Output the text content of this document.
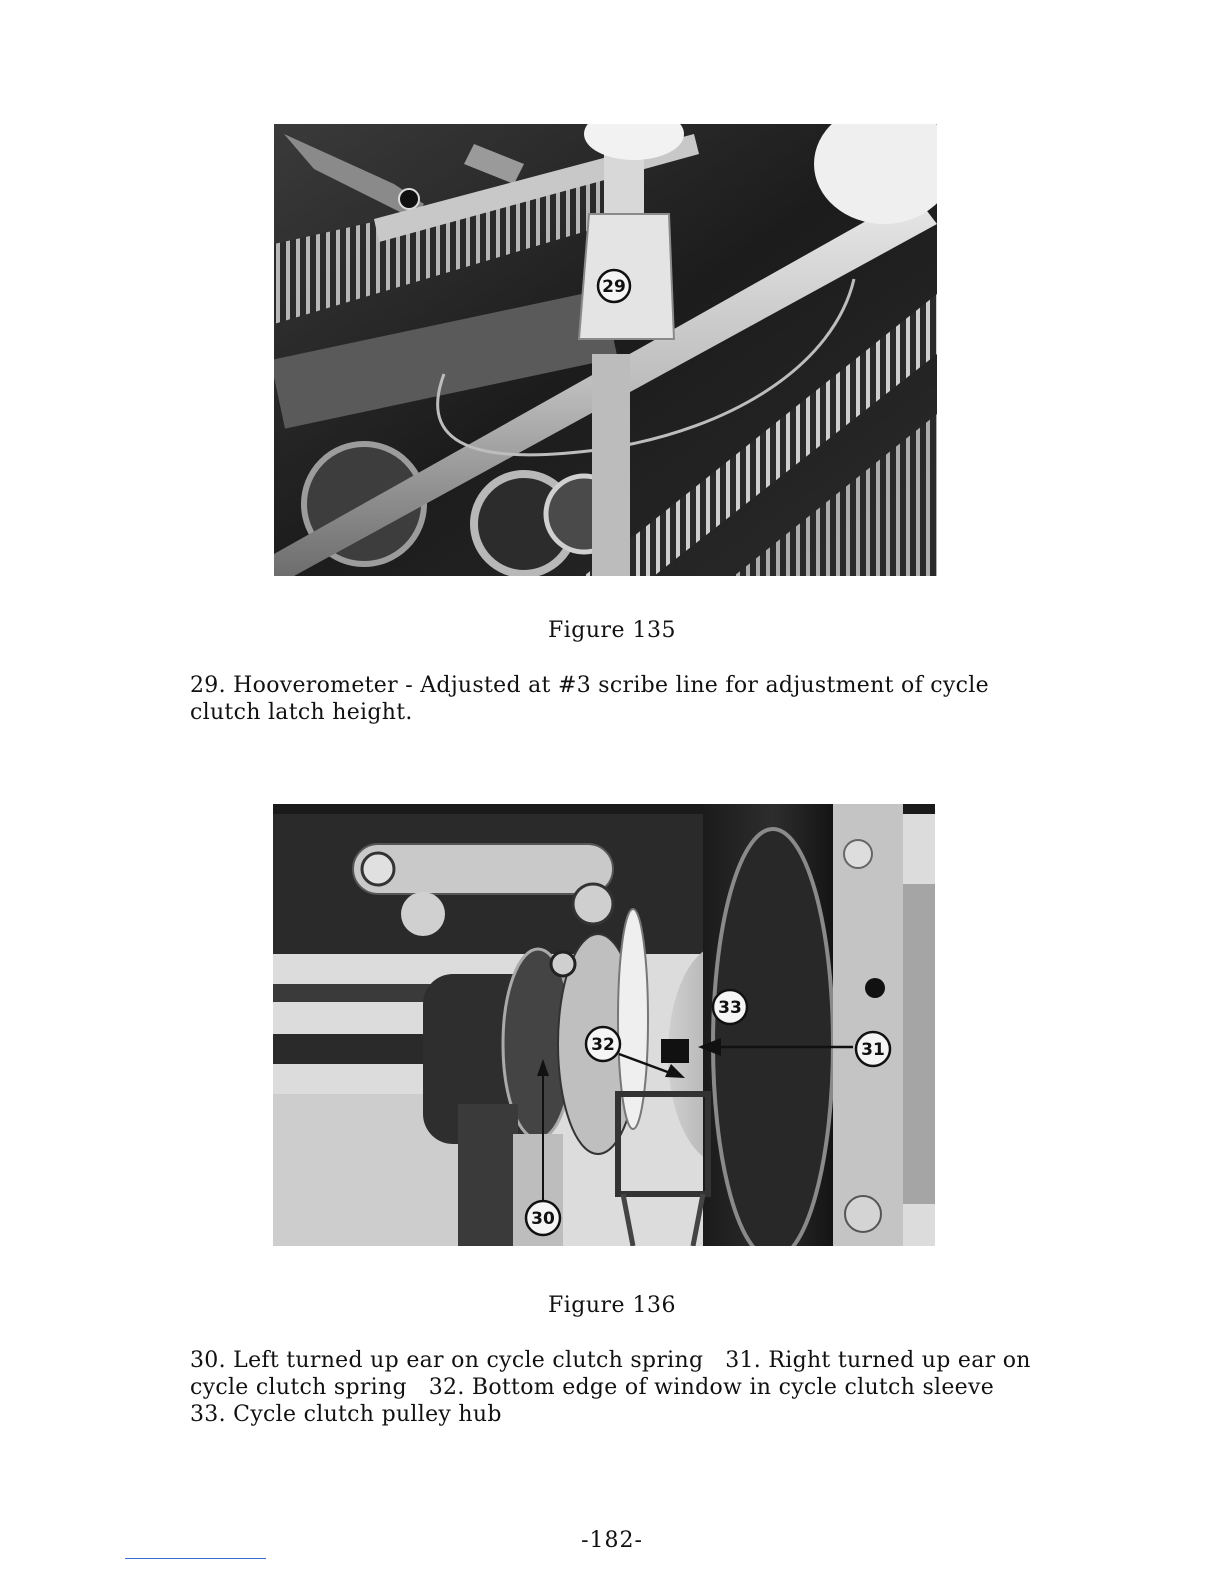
29
Figure 135
29. Hooverometer - Adjusted at #3 scribe line for adjustment of cycle
clutch latch height.
33
31
32
30
Figure 136
30. Left turned up ear on cycle clutch spring   31. Right turned up ear on
cycle clutch spring   32. Bottom edge of window in cycle clutch sleeve
33. Cycle clutch pulley hub
-182-
